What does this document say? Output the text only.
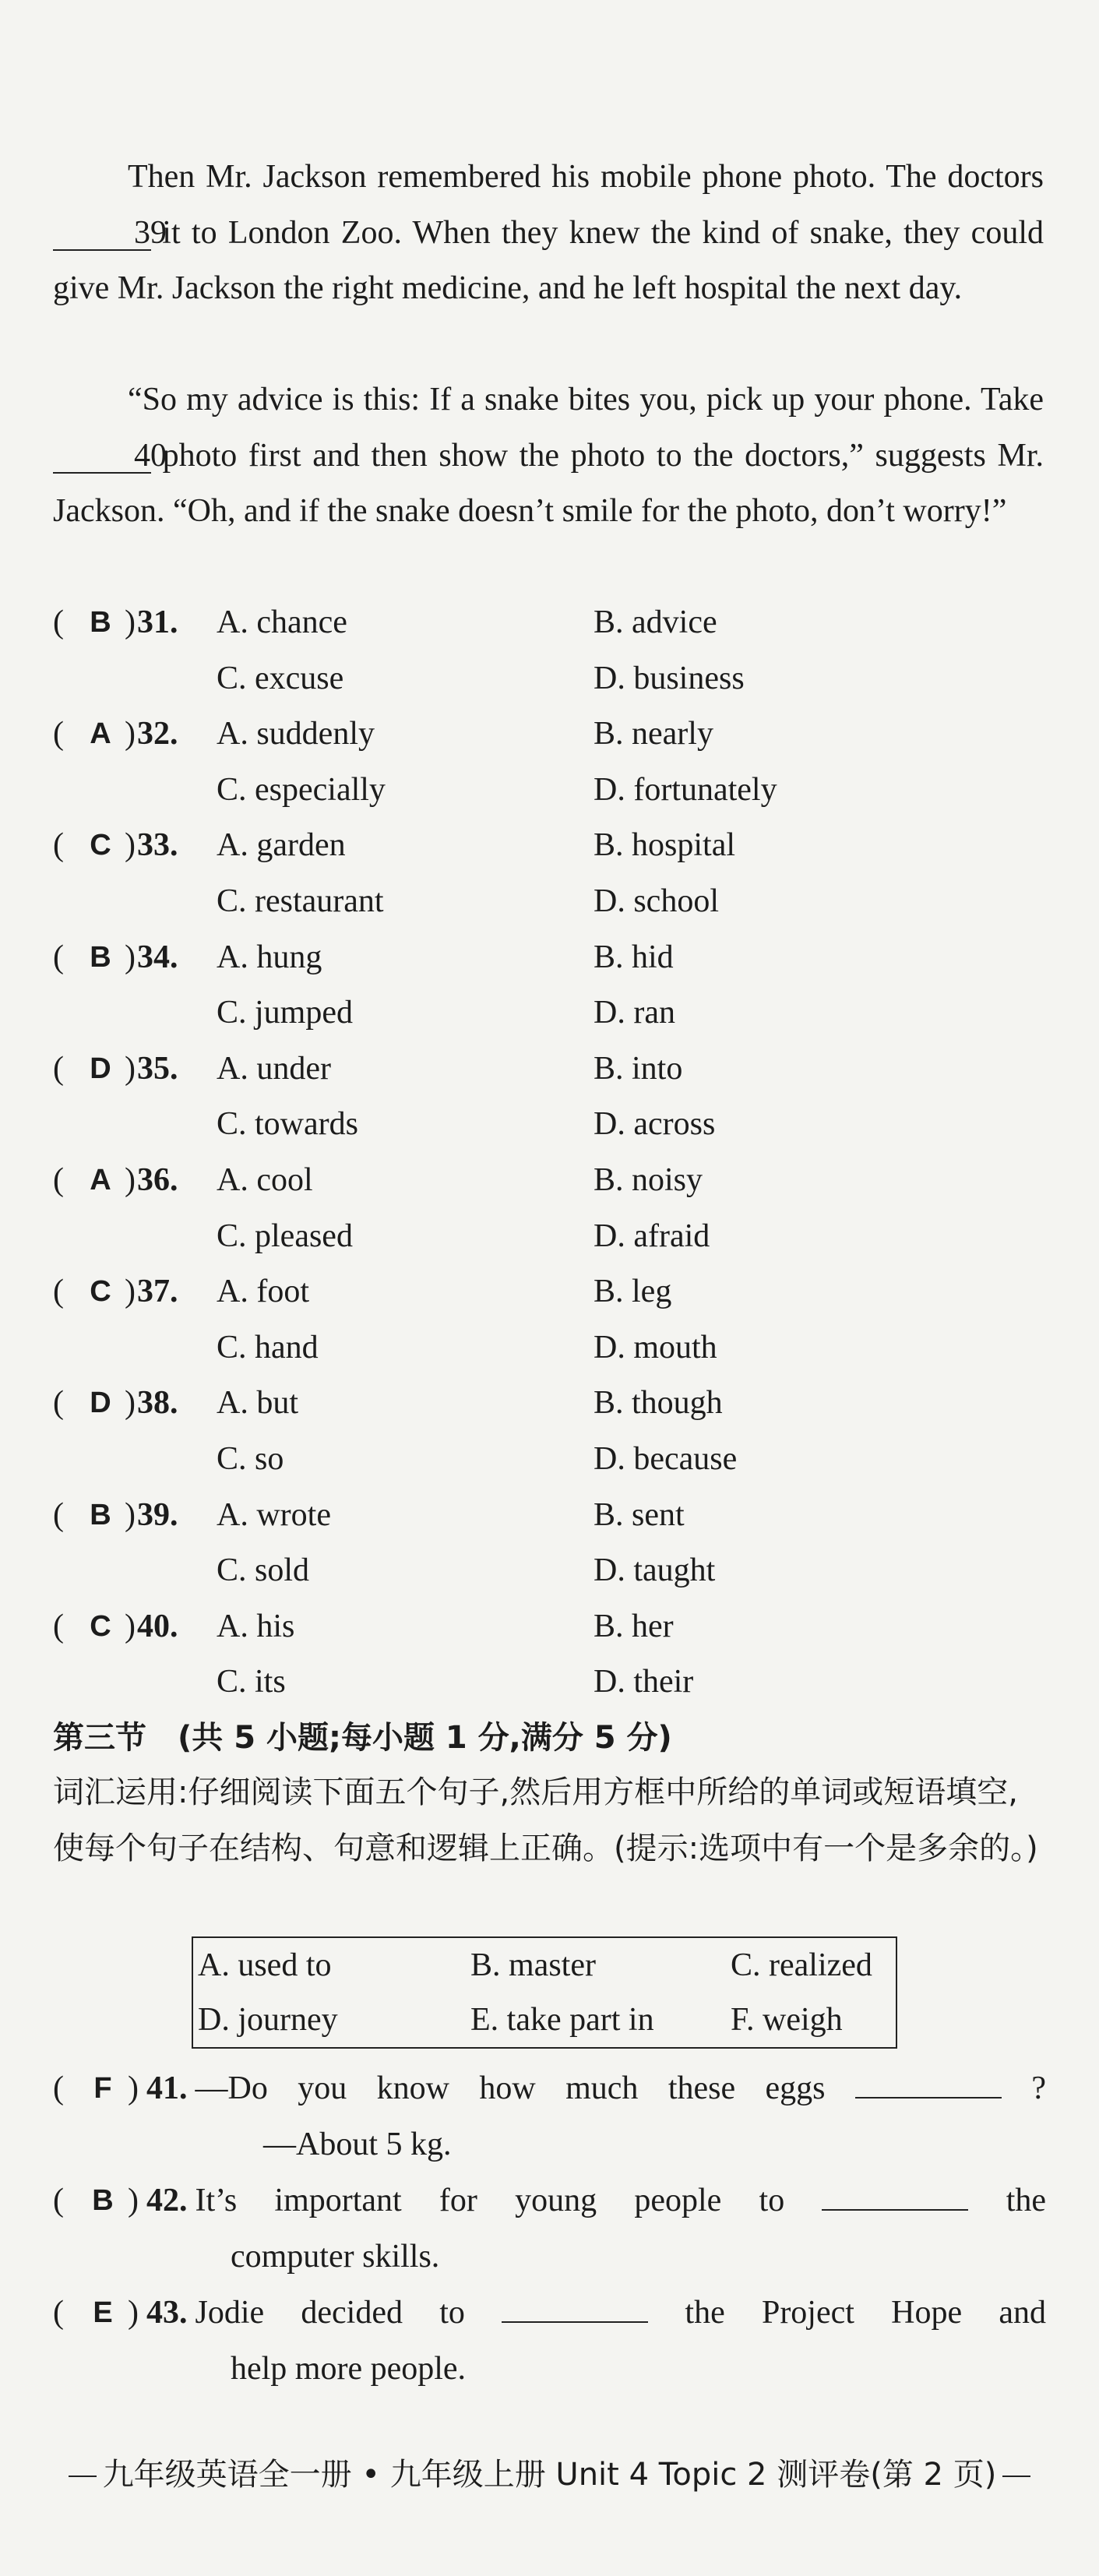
Then Mr. Jackson remembered his mobile phone photo. The doctors 39 it to London Zoo. When they knew the kind of snake, they could give Mr. Jackson the right medicine, and he left hospital the next day.
“So my advice is this: If a snake bites you, pick up your phone. Take 40 photo first and then show the photo to the doctors,” suggests Mr. Jackson. “Oh, and if the snake doesn’t smile for the photo, don’t worry!”
( B ) 31. A. chance	B. advice
C. excuse	D. business
( A ) 32. A. suddenly	B. nearly
C. especially	D. fortunately
( C ) 33. A. garden	B. hospital
C. restaurant	D. school
( B ) 34. A. hung	B. hid
C. jumped	D. ran
( D ) 35. A. under	B. into
C. towards	D. across
( A ) 36. A. cool	B. noisy
C. pleased	D. afraid
( C ) 37. A. foot	B. leg
C. hand	D. mouth
( D ) 38. A. but	B. though
C. so	D. because
( B ) 39. A. wrote	B. sent
C. sold	D. taught
( C ) 40. A. his	B. her
C. its	D. their
第三节　(共 5 小题;每小题 1 分,满分 5 分)
词汇运用:仔细阅读下面五个句子,然后用方框中所给的单词或短语填空,使每个句子在结构、句意和逻辑上正确。(提示:选项中有一个是多余的。)
A. used to	B. master	C. realized
D. journey	E. take part in F. weigh
( F ) 41. —Do you know how much these eggs	?
—About 5 kg.
( B ) 42. It’s important for young people to	the
computer skills.
( E ) 43. Jodie decided to	the Project Hope and
help more people.
九年级英语全一册 • 九年级上册 Unit 4 Topic 2 测评卷(第 2 页)
